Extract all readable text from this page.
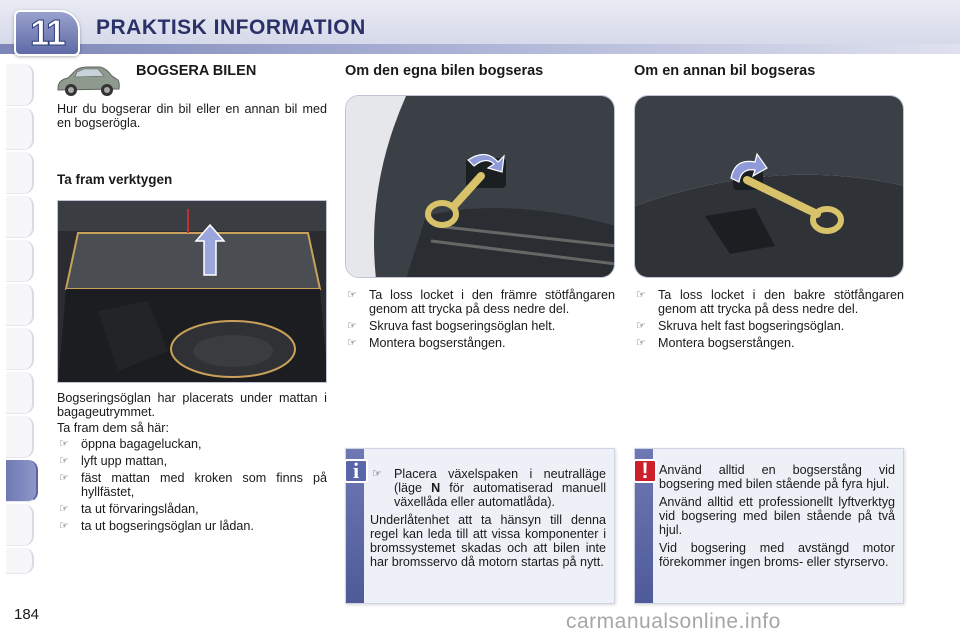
11	PRAKTISK INFORMATION
BOGSERA BILEN
Hur du bogserar din bil eller en annan bil med en bogserögla.
Ta fram verktygen
Bogseringsöglan har placerats under mattan i bagageutrymmet.
Ta fram dem så här:
☞ öppna bagageluckan,
☞ lyft upp mattan,
☞ fäst mattan med kroken som finns på hyllfästet,
☞ ta ut förvaringslådan,
☞ ta ut bogseringsöglan ur lådan.
Om den egna bilen bogseras
☞ Ta loss locket i den främre stötfångaren genom att trycka på dess nedre del.
☞ Skruva fast bogseringsöglan helt.
☞ Montera bogserstången.
Om en annan bil bogseras
☞ Ta loss locket i den bakre stötfångaren genom att trycka på dess nedre del.
☞ Skruva helt fast bogseringsöglan.
☞ Montera bogserstången.
i	☞ Placera växelspaken i neutralläge (läge N för automatiserad manuell växellåda eller automatlåda).

Underlåtenhet att ta hänsyn till denna regel kan leda till att vissa komponenter i bromssystemet skadas och att bilen inte har bromsservo då motorn startas på nytt.

! Använd alltid en bogserstång vid bogsering med bilen stående på fyra hjul.

Använd alltid ett professionellt lyftverktyg vid bogsering med bilen stående på två hjul.

Vid bogsering med avstängd motor förekommer ingen broms- eller styrservo.

184	carmanualsonline.info
